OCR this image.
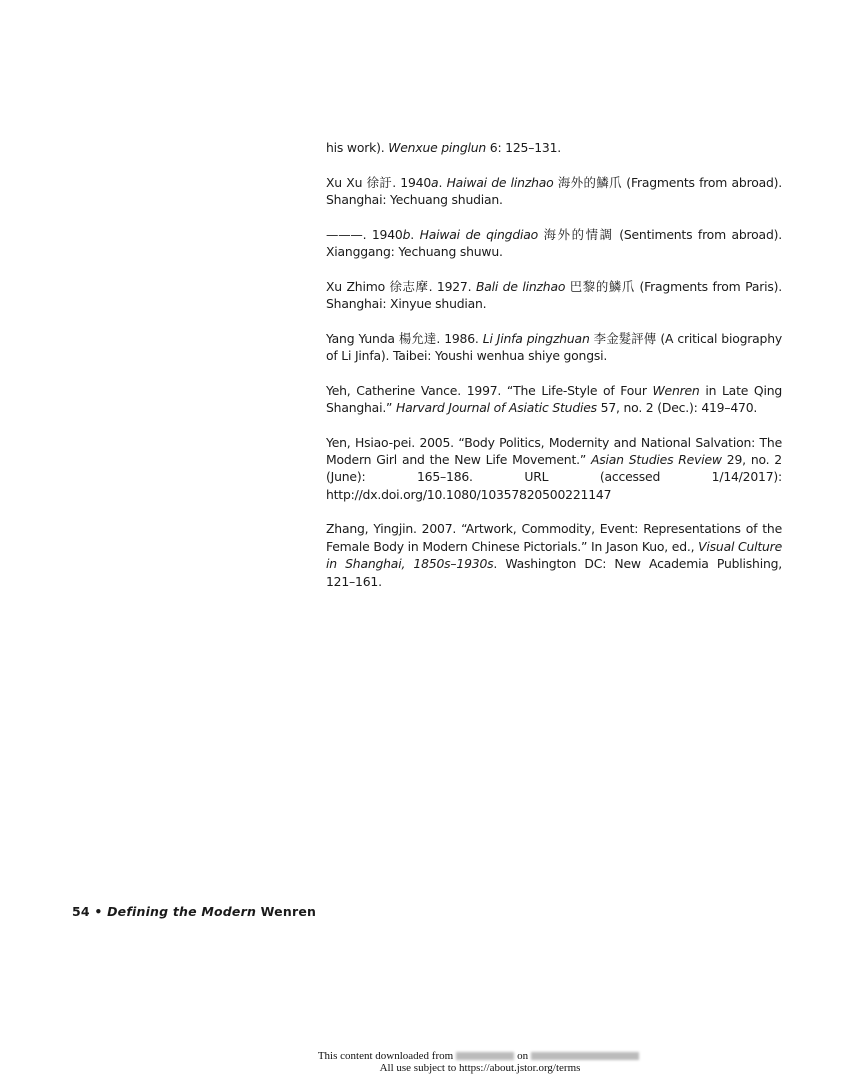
his work). Wenxue pinglun 6: 125–131.

Xu Xu 徐訏. 1940a. Haiwai de linzhao 海外的鱗爪 (Fragments from abroad). Shanghai: Yechuang shudian.

———. 1940b. Haiwai de qingdiao 海外的情調 (Sentiments from abroad). Xianggang: Yechuang shuwu.

Xu Zhimo 徐志摩. 1927. Bali de linzhao 巴黎的鱗爪 (Fragments from Paris). Shanghai: Xinyue shudian.

Yang Yunda 楊允達. 1986. Li Jinfa pingzhuan 李金髮評傳 (A critical biography of Li Jinfa). Taibei: Youshi wenhua shiye gongsi.

Yeh, Catherine Vance. 1997. “The Life-Style of Four Wenren in Late Qing Shanghai.” Harvard Journal of Asiatic Studies 57, no. 2 (Dec.): 419–470.

Yen, Hsiao-pei. 2005. “Body Politics, Modernity and National Salvation: The Modern Girl and the New Life Movement.” Asian Studies Review 29, no. 2 (June): 165–186. URL (accessed 1/14/2017): http://dx.doi.org/10.1080/10357820500221147

Zhang, Yingjin. 2007. “Artwork, Commodity, Event: Representations of the Female Body in Modern Chinese Pictorials.” In Jason Kuo, ed., Visual Culture in Shanghai, 1850s–1930s. Washington DC: New Academia Publishing, 121–161.

54 • Defining the Modern Wenren
This content downloaded from	on
All use subject to https://about.jstor.org/terms
